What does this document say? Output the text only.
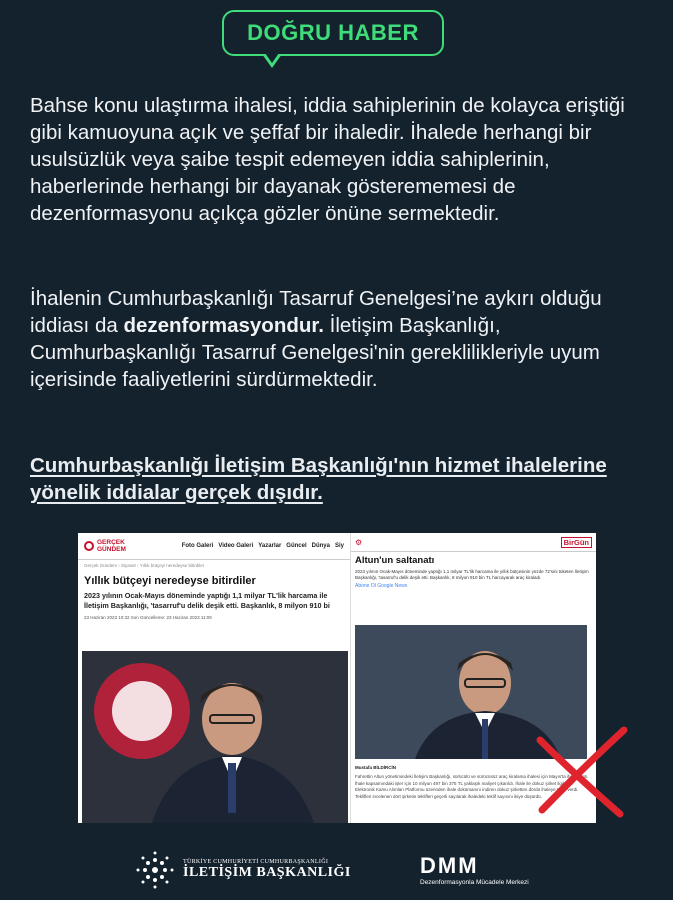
DOĞRU HABER
Bahse konu ulaştırma ihalesi, iddia sahiplerinin de kolayca eriştiği gibi kamuoyuna açık ve şeffaf bir ihaledir. İhalede herhangi bir usulsüzlük veya şaibe tespit edemeyen iddia sahiplerinin, haberlerinde herhangi bir dayanak gösterememesi de dezenformasyonu açıkça gözler önüne sermektedir.
İhalenin Cumhurbaşkanlığı Tasarruf Genelgesi’ne aykırı olduğu iddiası da dezenformasyondur. İletişim Başkanlığı, Cumhurbaşkanlığı Tasarruf Genelgesi'nin gereklilikleriyle uyum içerisinde faaliyetlerini sürdürmektedir.
Cumhurbaşkanlığı İletişim Başkanlığı'nın hizmet ihalelerine yönelik iddialar gerçek dışıdır.
GERÇEK GÜNDEM	Foto Galeri Video Galeri Yazarlar Güncel Dünya Siy
Gerçek Gündem › Siyaset › Yıllık bütçeyi neredeyse bitirdiler
Yıllık bütçeyi neredeyse bitirdiler
2023 yılının Ocak-Mayıs döneminde yaptığı 1,1 milyar TL'lik harcama ile İletişim Başkanlığı, 'tasarruf'u delik deşik etti. Başkanlık, 8 milyon 910 bi
23 Haziran 2023 10:32 Son Güncelleme: 23 Haziran 2023 11:09
⚙	BirGün
Altun'un saltanatı
2023 yılının Ocak-Mayıs döneminde yaptığı 1,1 milyar TL'lik harcama ile yıllık bütçesinin yüzde 72'sini tüketen İletişim Başkanlığı, 'tasarruf'u delik deşik etti. Başkanlık, 8 milyon 910 bin TL harcayarak araç kiraladı.
Abone Ol Google News
Mustafa BİLDİRCİN
Fahrettin Altun yönetimindeki İletişim Başkanlığı, sürücülü ve sürücüsüz araç kiralama ihalesi için Mayıs'ta ihale yaptı. İhale kapsamındaki işler için 10 milyon 497 bin 375 TL yaklaşık maliyet çıkarıldı. İhale ile dokuz şirket ilgilendi. Elektronik Kamu Alımları Platformu üzerinden ihale dokümanını indiren dokuz şirketten dördü ihaleye teklif verdi. Teklifleri incelenen dört şirketin teklifleri geçerli sayılarak ihaledeki teklif sayısını ikiye düşürdü.
TÜRKİYE CUMHURİYETİ CUMHURBAŞKANLIĞI
İLETİŞİM BAŞKANLIĞI	DMM
Dezenformasyonla Mücadele Merkezi
